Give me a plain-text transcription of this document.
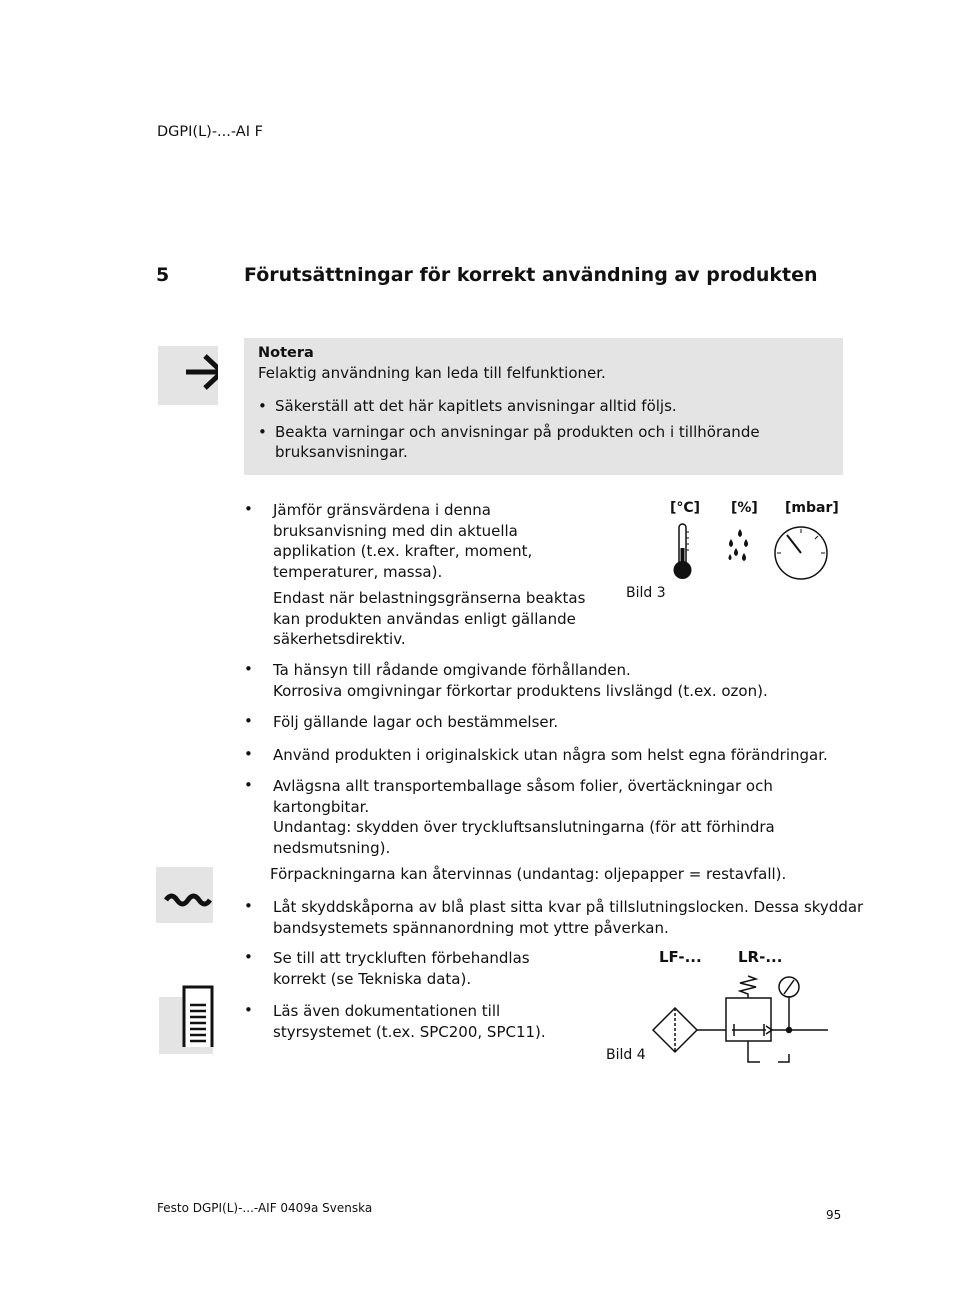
DGPI(L)-...-AI F
5	Förutsättningar för korrekt användning av produkten
Notera
Felaktig användning kan leda till felfunktioner.
• Säkerställ att det här kapitlets anvisningar alltid följs.
• Beakta varningar och anvisningar på produkten och i tillhörande
bruksanvisningar.
• Jämför gränsvärdena i denna
bruksanvisning med din aktuella
applikation (t.ex. krafter, moment,
temperaturer, massa).
Endast när belastningsgränserna beaktas
kan produkten användas enligt gällande
säkerhetsdirektiv.
[°C] [%] [mbar]
Bild 3
• Ta hänsyn till rådande omgivande förhållanden.
Korrosiva omgivningar förkortar produktens livslängd (t.ex. ozon).
• Följ gällande lagar och bestämmelser.
• Använd produkten i originalskick utan några som helst egna förändringar.
• Avlägsna allt transportemballage såsom folier, övertäckningar och
kartongbitar.
Undantag: skydden över tryckluftsanslutningarna (för att förhindra
nedsmutsning).
Förpackningarna kan återvinnas (undantag: oljepapper = restavfall).
• Låt skyddskåporna av blå plast sitta kvar på tillslutningslocken. Dessa skyddar
bandsystemets spännanordning mot yttre påverkan.
• Se till att tryckluften förbehandlas
korrekt (se Tekniska data).
• Läs även dokumentationen till
styrsystemet (t.ex. SPC200, SPC11).
LF-... LR-...
Bild 4
Festo DGPI(L)-...-AIF 0409a Svenska	95
